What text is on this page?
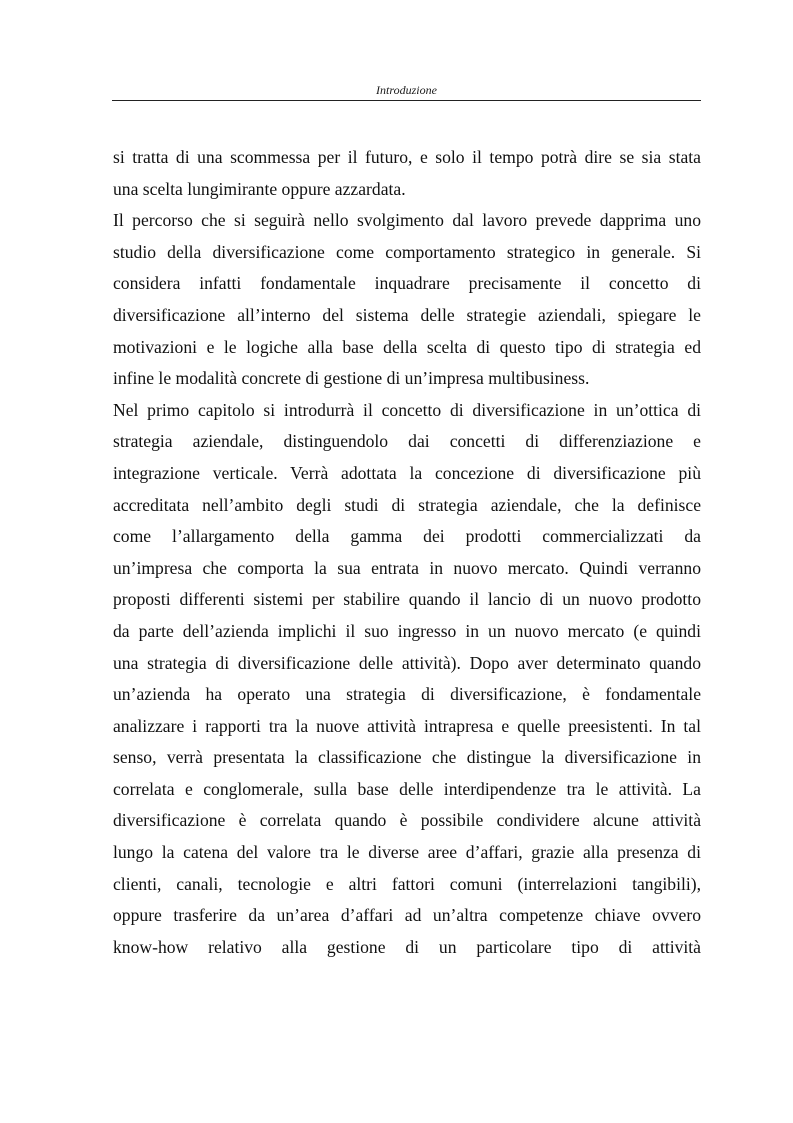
Introduzione
si tratta di una scommessa per il futuro, e solo il tempo potrà dire se sia stata
una scelta lungimirante oppure azzardata.
Il percorso che si seguirà nello svolgimento dal lavoro prevede dapprima uno
studio della diversificazione come comportamento strategico in generale. Si
considera infatti fondamentale inquadrare precisamente il concetto di
diversificazione all’interno del sistema delle strategie aziendali, spiegare le
motivazioni e le logiche alla base della scelta di questo tipo di strategia ed
infine le modalità concrete di gestione di un’impresa multibusiness.
Nel primo capitolo si introdurrà il concetto di diversificazione in un’ottica di
strategia aziendale, distinguendolo dai concetti di differenziazione e
integrazione verticale. Verrà adottata la concezione di diversificazione più
accreditata nell’ambito degli studi di strategia aziendale, che la definisce
come l’allargamento della gamma dei prodotti commercializzati da
un’impresa che comporta la sua entrata in nuovo mercato. Quindi verranno
proposti differenti sistemi per stabilire quando il lancio di un nuovo prodotto
da parte dell’azienda implichi il suo ingresso in un nuovo mercato (e quindi
una strategia di diversificazione delle attività). Dopo aver determinato quando
un’azienda ha operato una strategia di diversificazione, è fondamentale
analizzare i rapporti tra la nuove attività intrapresa e quelle preesistenti. In tal
senso, verrà presentata la classificazione che distingue la diversificazione in
correlata e conglomerale, sulla base delle interdipendenze tra le attività. La
diversificazione è correlata quando è possibile condividere alcune attività
lungo la catena del valore tra le diverse aree d’affari, grazie alla presenza di
clienti, canali, tecnologie e altri fattori comuni (interrelazioni tangibili),
oppure trasferire da un’area d’affari ad un’altra competenze chiave ovvero
know-how relativo alla gestione di un particolare tipo di attività
